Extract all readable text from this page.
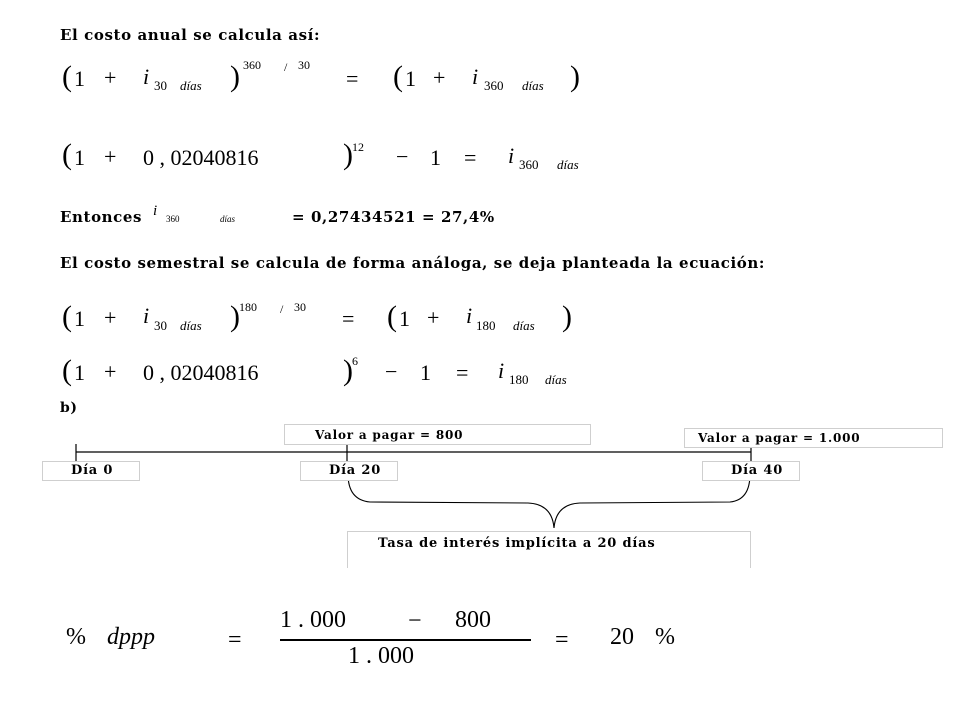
El costo anual se calcula así:
( 1 + i 30 días ) 360 / 30
= ( 1 + i 360 días )
( 1 + 0 , 02040816	) 12 − 1 = i 360 días
Entonces i 360	días	= 0,27434521 = 27,4%
El costo semestral se calcula de forma análoga, se deja planteada la ecuación:
( 1 + i 30 días ) 180 / 30 = ( 1 + i 180 días )
( 1 + 0 , 02040816	) 6 − 1 = i 180 días
b)
Valor a pagar = 800	Valor a pagar = 1.000
Día 0	Día 20	Día 40
Tasa de interés implícita a 20 días
% dppp	=
1 . 000	− 800
1 . 000
= 20 %
